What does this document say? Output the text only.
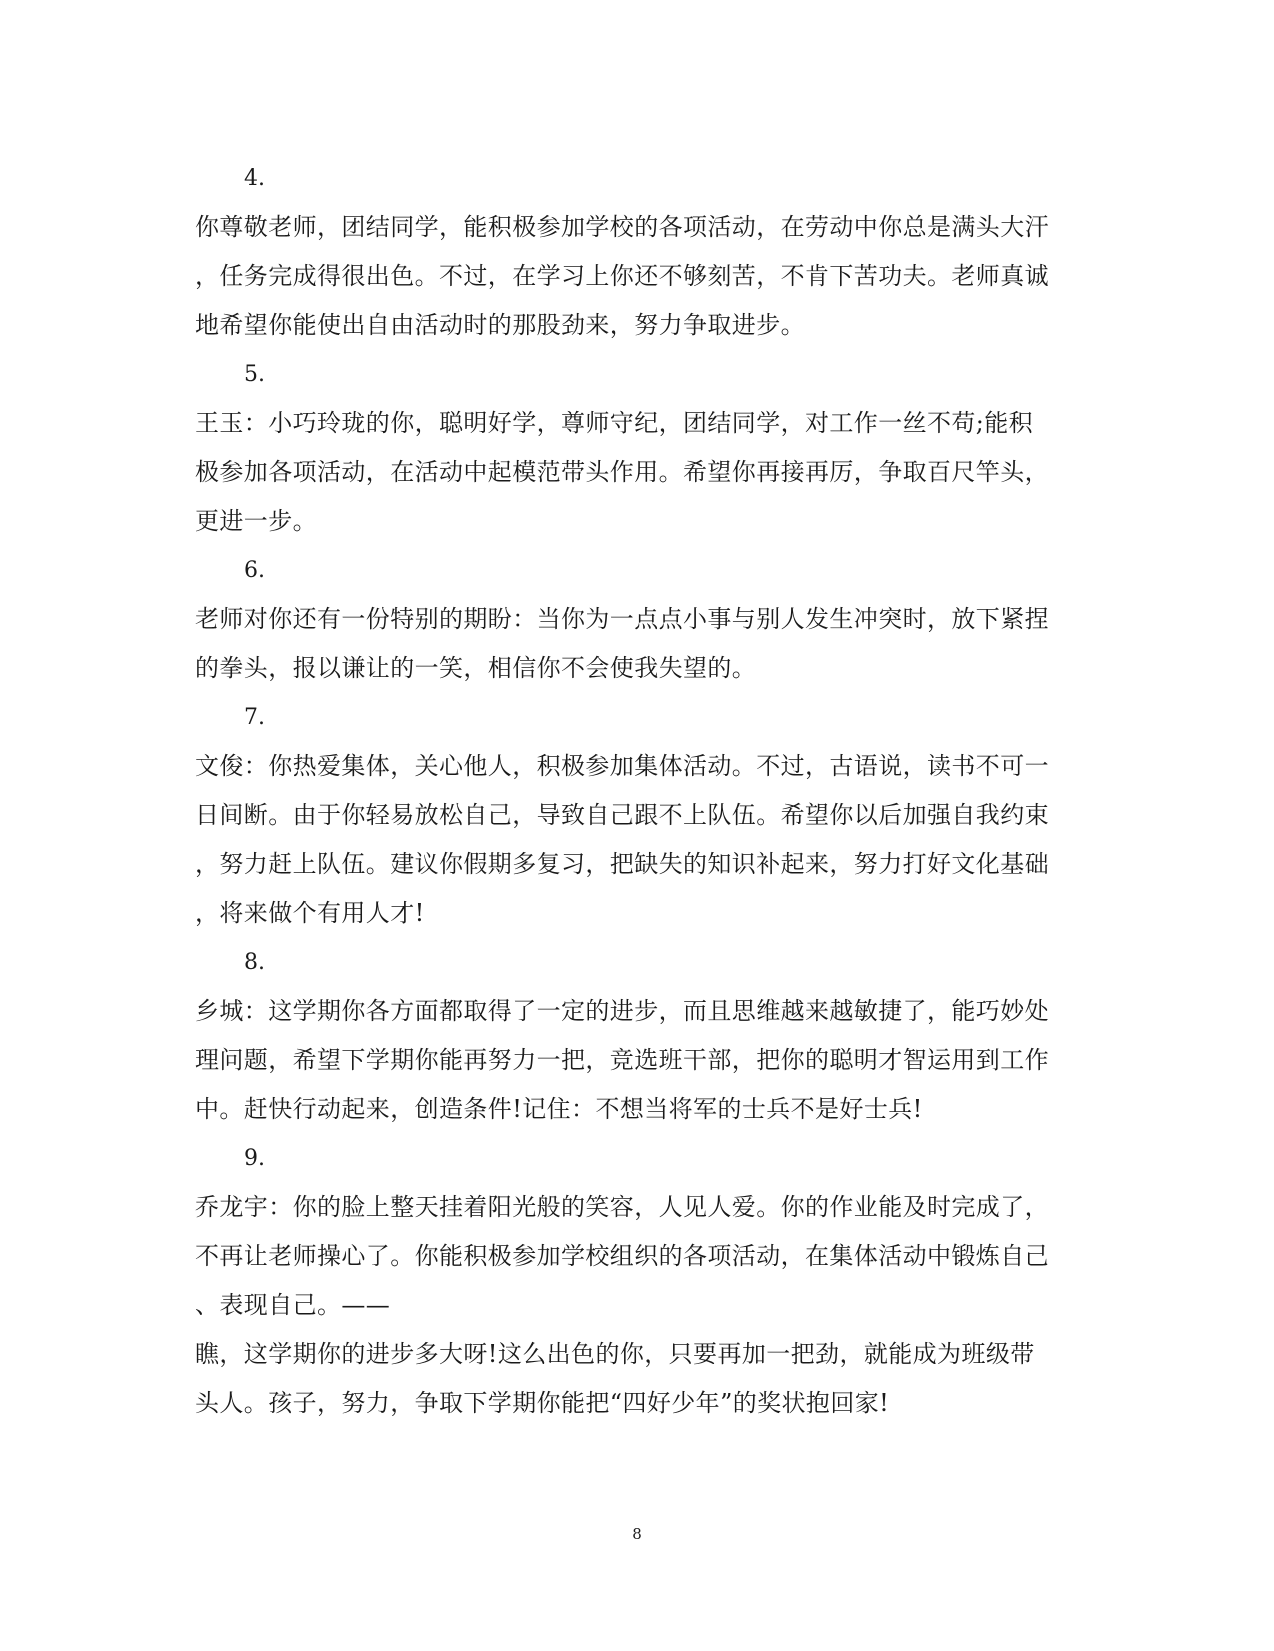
4.
你尊敬老师，团结同学，能积极参加学校的各项活动，在劳动中你总是满头大汗
，任务完成得很出色。不过，在学习上你还不够刻苦，不肯下苦功夫。老师真诚
地希望你能使出自由活动时的那股劲来，努力争取进步。
5.
王玉：小巧玲珑的你，聪明好学，尊师守纪，团结同学，对工作一丝不苟;能积
极参加各项活动，在活动中起模范带头作用。希望你再接再厉，争取百尺竿头，
更进一步。
6.
老师对你还有一份特别的期盼：当你为一点点小事与别人发生冲突时，放下紧捏
的拳头，报以谦让的一笑，相信你不会使我失望的。
7.
文俊：你热爱集体，关心他人，积极参加集体活动。不过，古语说，读书不可一
日间断。由于你轻易放松自己，导致自己跟不上队伍。希望你以后加强自我约束
，努力赶上队伍。建议你假期多复习，把缺失的知识补起来，努力打好文化基础
，将来做个有用人才!
8.
乡城：这学期你各方面都取得了一定的进步，而且思维越来越敏捷了，能巧妙处
理问题，希望下学期你能再努力一把，竞选班干部，把你的聪明才智运用到工作
中。赶快行动起来，创造条件!记住：不想当将军的士兵不是好士兵!
9.
乔龙宇：你的脸上整天挂着阳光般的笑容，人见人爱。你的作业能及时完成了，
不再让老师操心了。你能积极参加学校组织的各项活动，在集体活动中锻炼自己
、表现自己。——
瞧，这学期你的进步多大呀!这么出色的你，只要再加一把劲，就能成为班级带
头人。孩子，努力，争取下学期你能把“四好少年”的奖状抱回家!
8
